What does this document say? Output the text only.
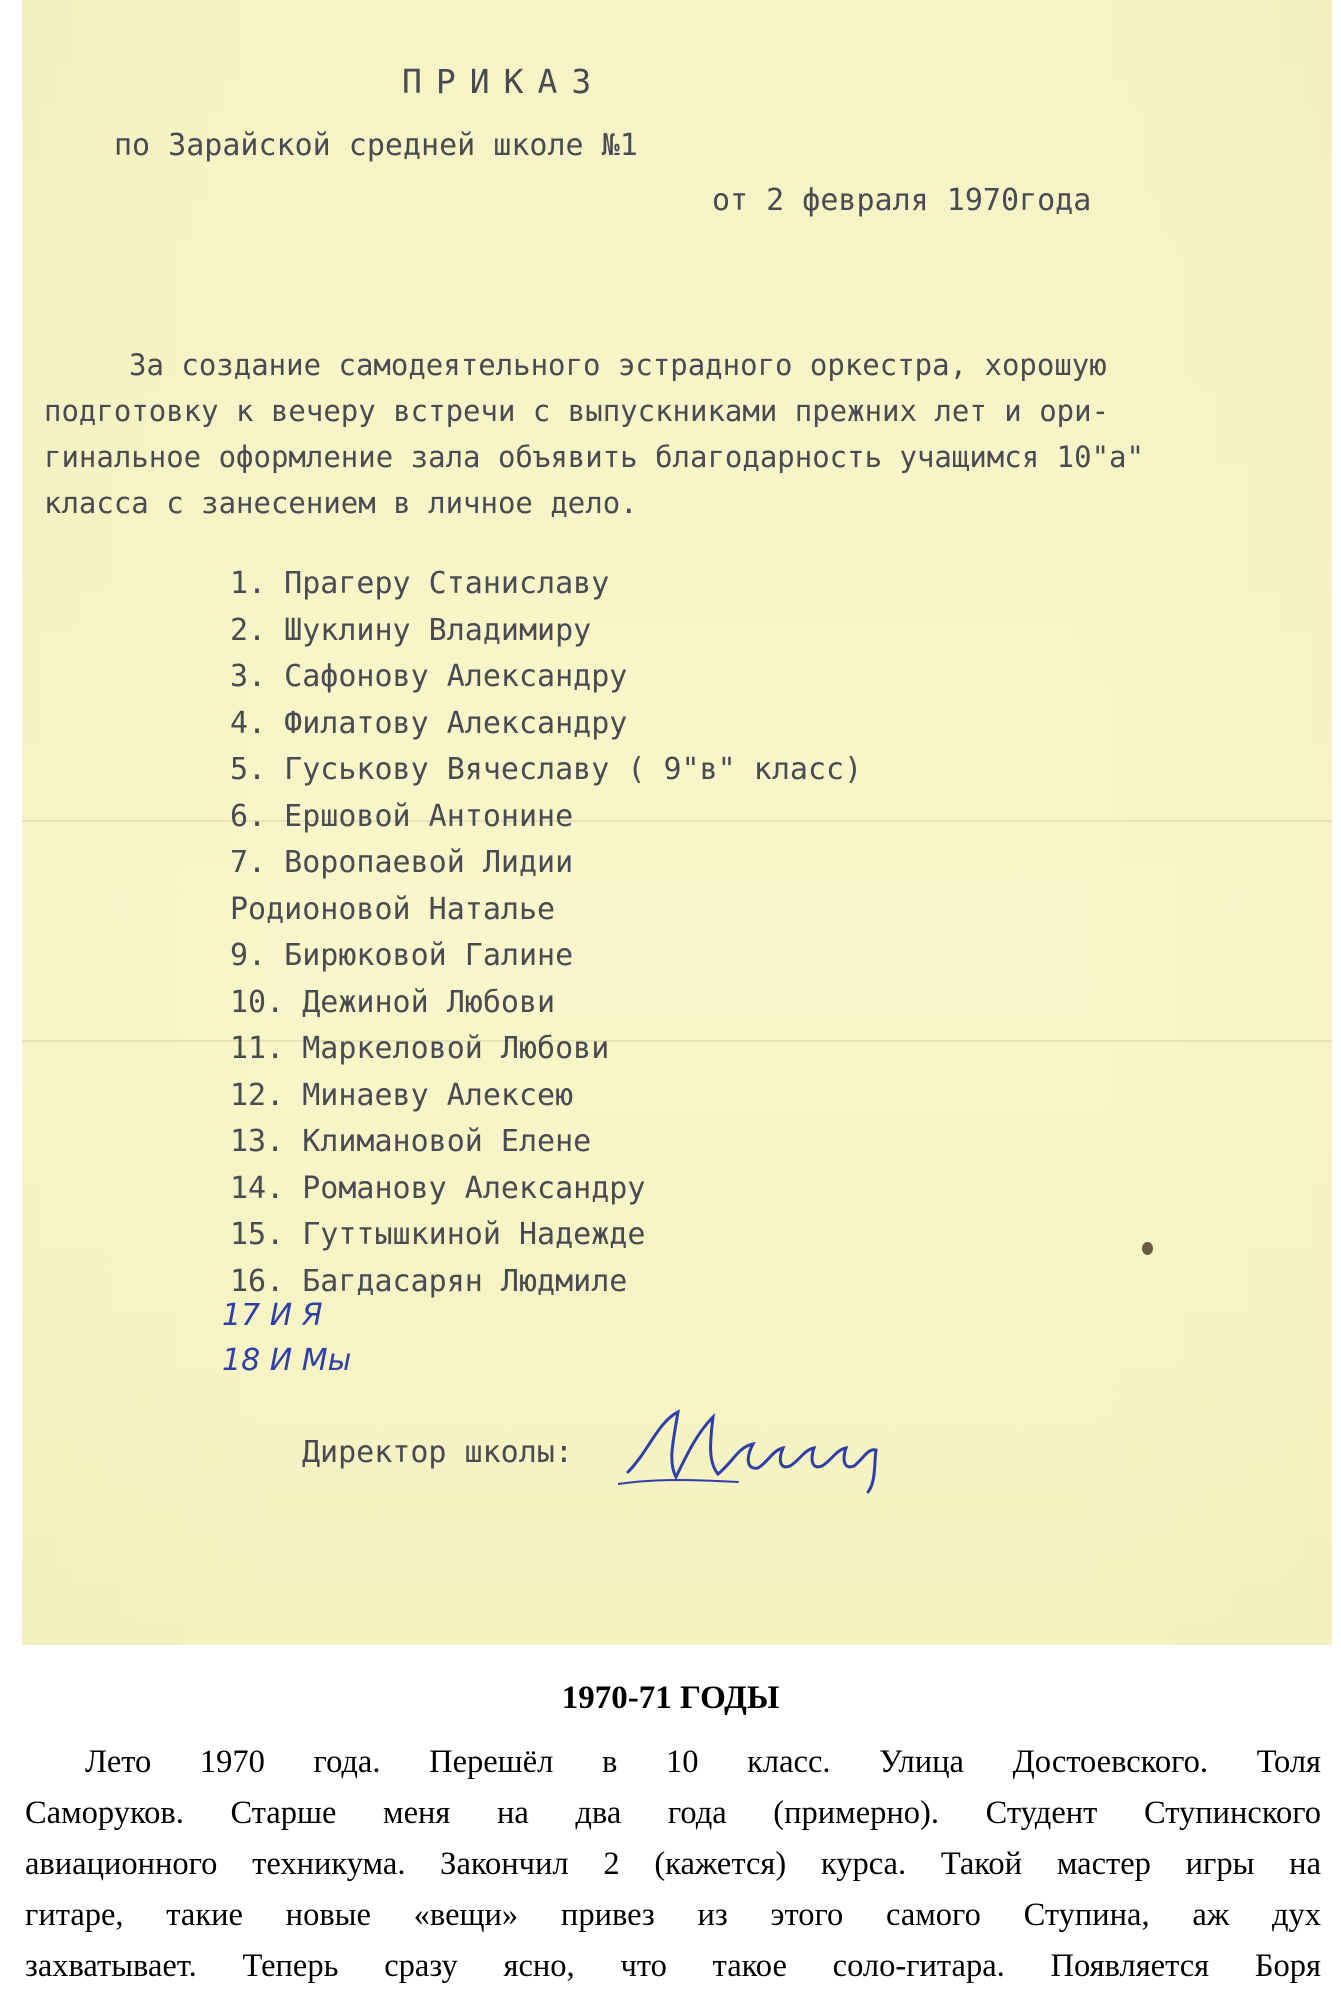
ПРИКАЗ
по Зарайской средней школе №1
от 2 февраля 1970года
За создание самодеятельного эстрадного оркестра, хорошую
подготовку к вечеру встречи с выпускниками прежних лет и ори-
гинальное оформление зала объявить благодарность учащимся 10"а"
класса с занесением в личное дело.
1. Прагеру Станиславу
2. Шуклину Владимиру
3. Сафонову Александру
4. Филатову Александру
5. Гуськову Вячеславу ( 9"в" класс)
6. Ершовой Антонине
7. Воропаевой Лидии
Родионовой Наталье
9. Бирюковой Галине
10. Дежиной Любови
11. Маркеловой Любови
12. Минаеву Алексею
13. Климановой Елене
14. Романову Александру
15. Гуттышкиной Надежде
16. Багдасарян Людмиле
17 И Я
18 И Мы
Директор школы:
1970-71 ГОДЫ
Лето 1970 года. Перешёл в 10 класс. Улица Достоевского. Толя
Саморуков. Старше меня на два года (примерно). Студент Ступинского
авиационного техникума. Закончил 2 (кажется) курса. Такой мастер игры на
гитаре, такие новые «вещи» привез из этого самого Ступина, аж дух
захватывает. Теперь сразу ясно, что такое соло-гитара. Появляется Боря
